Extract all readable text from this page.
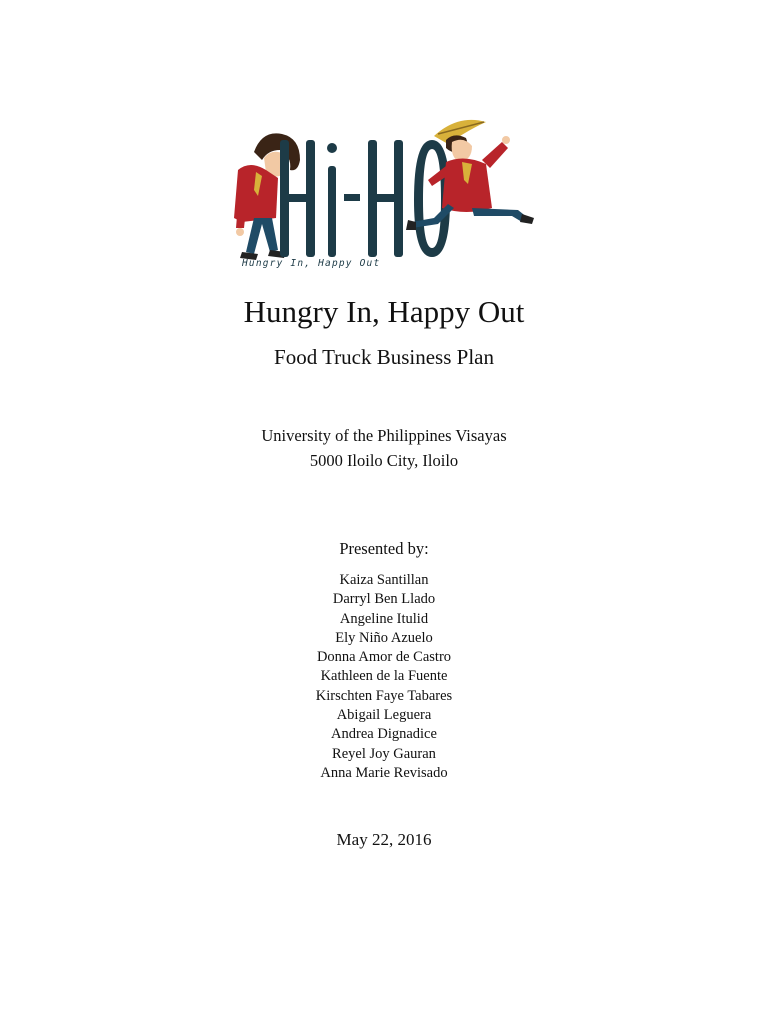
Hungry In, Happy Out
Hungry In, Happy Out
Food Truck Business Plan
University of the Philippines Visayas
5000 Iloilo City, Iloilo
Presented by:
Kaiza Santillan
Darryl Ben Llado
Angeline Itulid
Ely Niño Azuelo
Donna Amor de Castro
Kathleen de la Fuente
Kirschten Faye Tabares
Abigail Leguera
Andrea Dignadice
Reyel Joy Gauran
Anna Marie Revisado
May 22, 2016
